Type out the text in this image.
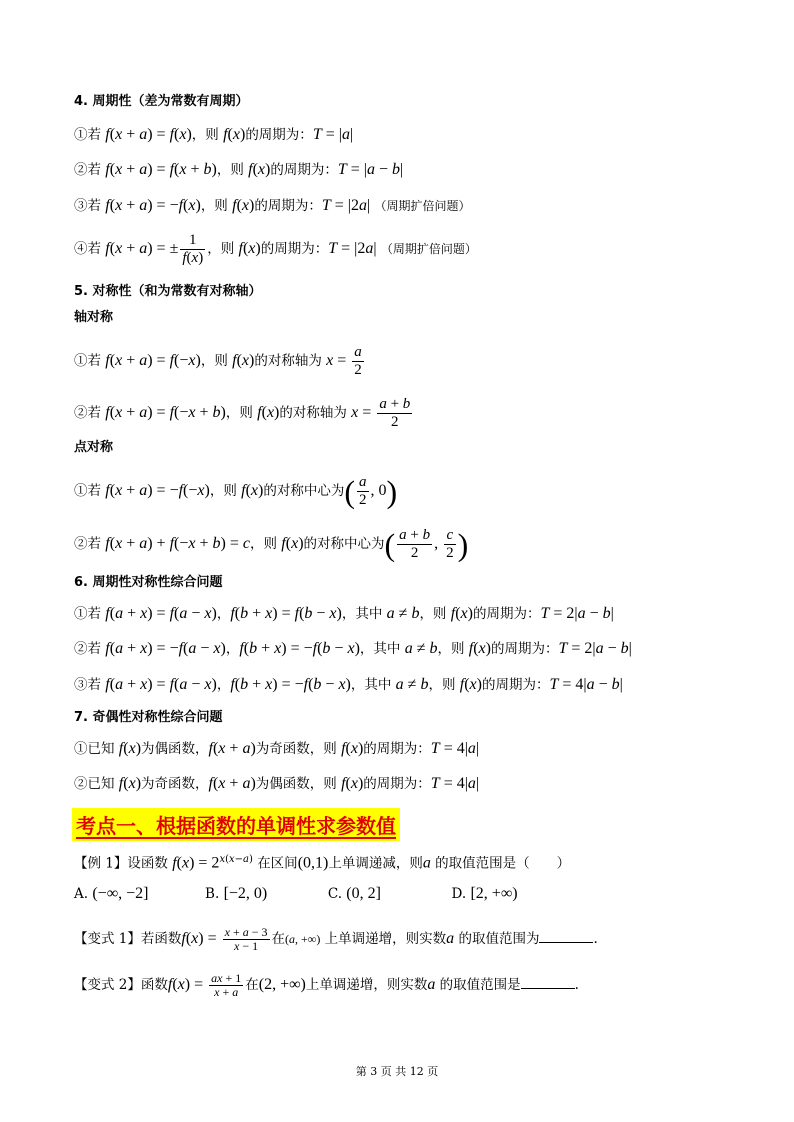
4. 周期性（差为常数有周期）
①若 f(x + a) = f(x)，则 f(x)的周期为：T = |a|
②若 f(x + a) = f(x + b)，则 f(x)的周期为：T = |a − b|
③若 f(x + a) = −f(x)，则 f(x)的周期为：T = |2a| （周期扩倍问题）
④若 f(x + a) = ± $\frac{1}{f(x)}$ ，则 f(x)的周期为：T = |2a| （周期扩倍问题）
5. 对称性（和为常数有对称轴）
轴对称
①若 f(x + a) = f(−x)，则 f(x)的对称轴为 $x = \frac{a}{2}$
②若 f(x + a) = f(−x + b)，则 f(x)的对称轴为 $x = \frac{a + b}{2}$
点对称
①若 f(x + a) = −f(−x)，则 f(x)的对称中心为( $\frac{a}{2}$ , 0)
②若 f(x + a) + f(−x + b) = c，则 f(x)的对称中心为( $\frac{a + b}{2}$ , $\frac{c}{2}$ )
6. 周期性对称性综合问题
①若 f(a + x) = f(a − x)，f(b + x) = f(b − x)，其中 a ≠ b，则 f(x)的周期为：T = 2|a − b|
②若 f(a + x) = −f(a − x)，f(b + x) = −f(b − x)，其中 a ≠ b，则 f(x)的周期为：T = 2|a − b|
③若 f(a + x) = f(a − x)，f(b + x) = −f(b − x)，其中 a ≠ b，则 f(x)的周期为：T = 4|a − b|
7. 奇偶性对称性综合问题
①已知 f(x)为偶函数，f(x + a)为奇函数，则 f(x)的周期为：T = 4|a|
②已知 f(x)为奇函数，f(x + a)为偶函数，则 f(x)的周期为：T = 4|a|
考点一、根据函数的单调性求参数值
【例 1】设函数 $f(x) = 2^{x(x-a)}$ 在区间(0,1)上单调递减，则a 的取值范围是（　　）
A. (−∞, −2]	B. [−2, 0)	C. (0, 2]	D. [2, +∞)
【变式 1】若函数$f(x) = \frac{x + a - 3}{x - 1}$ 在(a, +∞) 上单调递增，则实数a 的取值范围为	.
【变式 2】函数$f(x) = \frac{ax + 1}{x + a}$ 在(2, +∞)上单调递增，则实数a 的取值范围是	.
第 3 页 共 12 页
